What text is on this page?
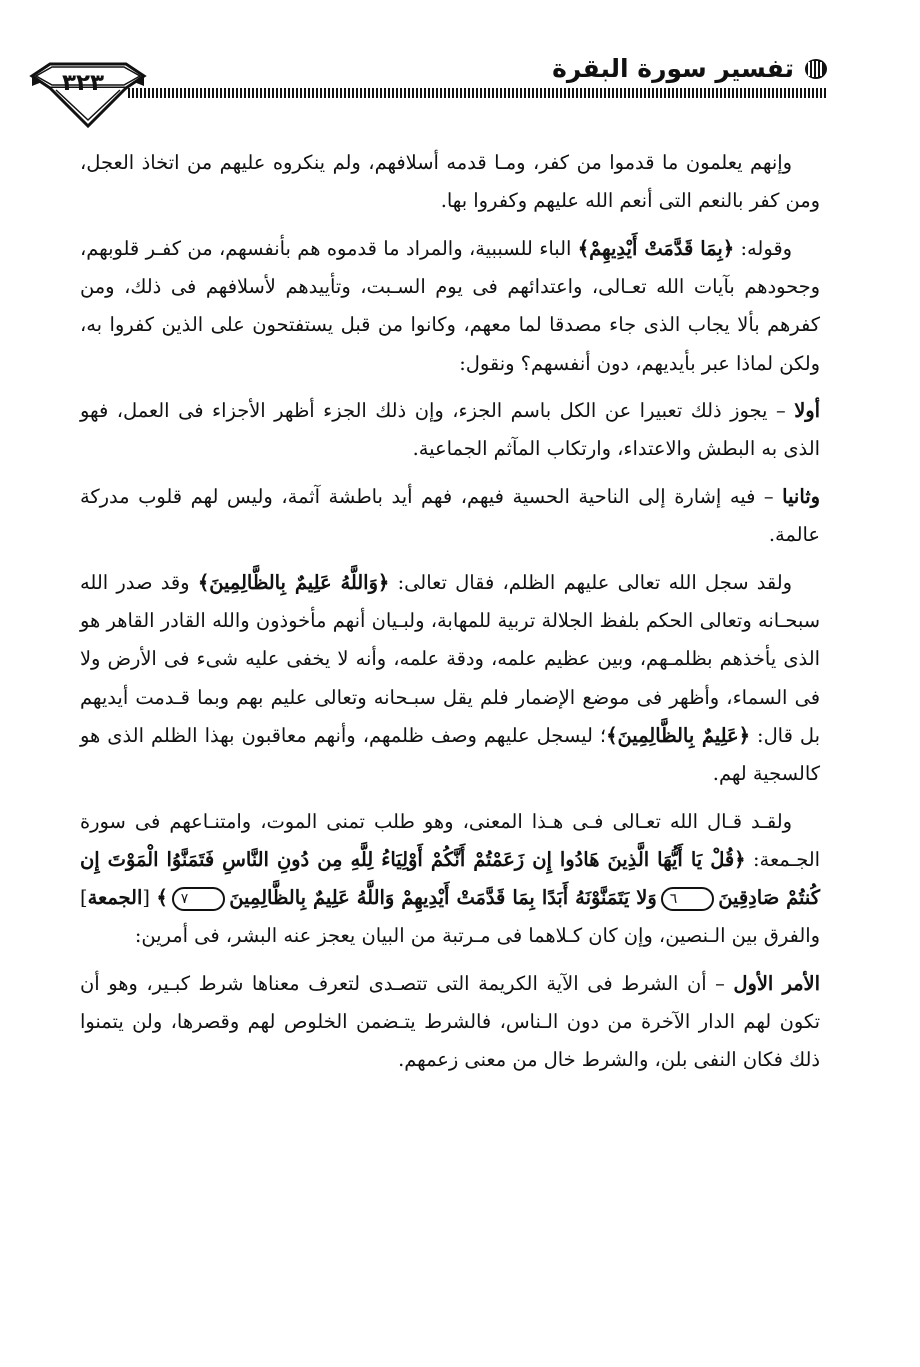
تفسير سورة البقرة
٣٢٣

وإنهم يعلمون ما قدموا من كفر، ومـا قدمه أسلافهم، ولم ينكروه عليهم من اتخاذ العجل، ومن كفر بالنعم التى أنعم الله عليهم وكفروا بها.

وقوله: ﴿بِمَا قَدَّمَتْ أَيْدِيهِمْ﴾ الباء للسببية، والمراد ما قدموه هم بأنفسهم، من كفـر قلوبهم، وجحودهم بآيات الله تعـالى، واعتدائهم فى يوم السـبت، وتأييدهم لأسلافهم فى ذلك، ومن كفرهم بألا يجاب الذى جاء مصدقا لما معهم، وكانوا من قبل يستفتحون على الذين كفروا به، ولكن لماذا عبر بأيديهم، دون أنفسهم؟ ونقول:

أولا – يجوز ذلك تعبيرا عن الكل باسم الجزء، وإن ذلك الجزء أظهر الأجزاء فى العمل، فهو الذى به البطش والاعتداء، وارتكاب المآثم الجماعية.

وثانيا – فيه إشارة إلى الناحية الحسية فيهم، فهم أيد باطشة آثمة، وليس لهم قلوب مدركة عالمة.

ولقد سجل الله تعالى عليهم الظلم، فقال تعالى: ﴿وَاللَّهُ عَلِيمٌ بِالظَّالِمِينَ﴾ وقد صدر الله سبحـانه وتعالى الحكم بلفظ الجلالة تربية للمهابة، ولبـيان أنهم مأخوذون والله القادر القاهر هو الذى يأخذهم بظلمـهم، وبين عظيم علمه، ودقة علمه، وأنه لا يخفى عليه شىء فى الأرض ولا فى السماء، وأظهر فى موضع الإضمار فلم يقل سبـحانه وتعالى عليم بهم وبما قـدمت أيديهم بل قال: ﴿عَلِيمٌ بِالظَّالِمِينَ﴾؛ ليسجل عليهم وصف ظلمهم، وأنهم معاقبون بهذا الظلم الذى هو كالسجية لهم.

ولقـد قـال الله تعـالى فـى هـذا المعنى، وهو طلب تمنى الموت، وامتنـاعهم فى سورة الجـمعة: ﴿قُلْ يَا أَيُّهَا الَّذِينَ هَادُوا إِن زَعَمْتُمْ أَنَّكُمْ أَوْلِيَاءُ لِلَّهِ مِن دُونِ النَّاسِ فَتَمَنَّوُا الْمَوْتَ إِن كُنتُمْ صَادِقِينَ٦وَلا يَتَمَنَّوْنَهُ أَبَدًا بِمَا قَدَّمَتْ أَيْدِيهِمْ وَاللَّهُ عَلِيمٌ بِالظَّالِمِينَ٧﴾ [الجمعة] والفرق بين الـنصين، وإن كان كـلاهما فى مـرتبة من البيان يعجز عنه البشر، فى أمرين:

الأمر الأول – أن الشرط فى الآية الكريمة التى تتصـدى لتعرف معناها شرط كبـير، وهو أن تكون لهم الدار الآخرة من دون الـناس، فالشرط يتـضمن الخلوص لهم وقصرها، ولن يتمنوا ذلك فكان النفى بلن، والشرط خال من معنى زعمهم.
